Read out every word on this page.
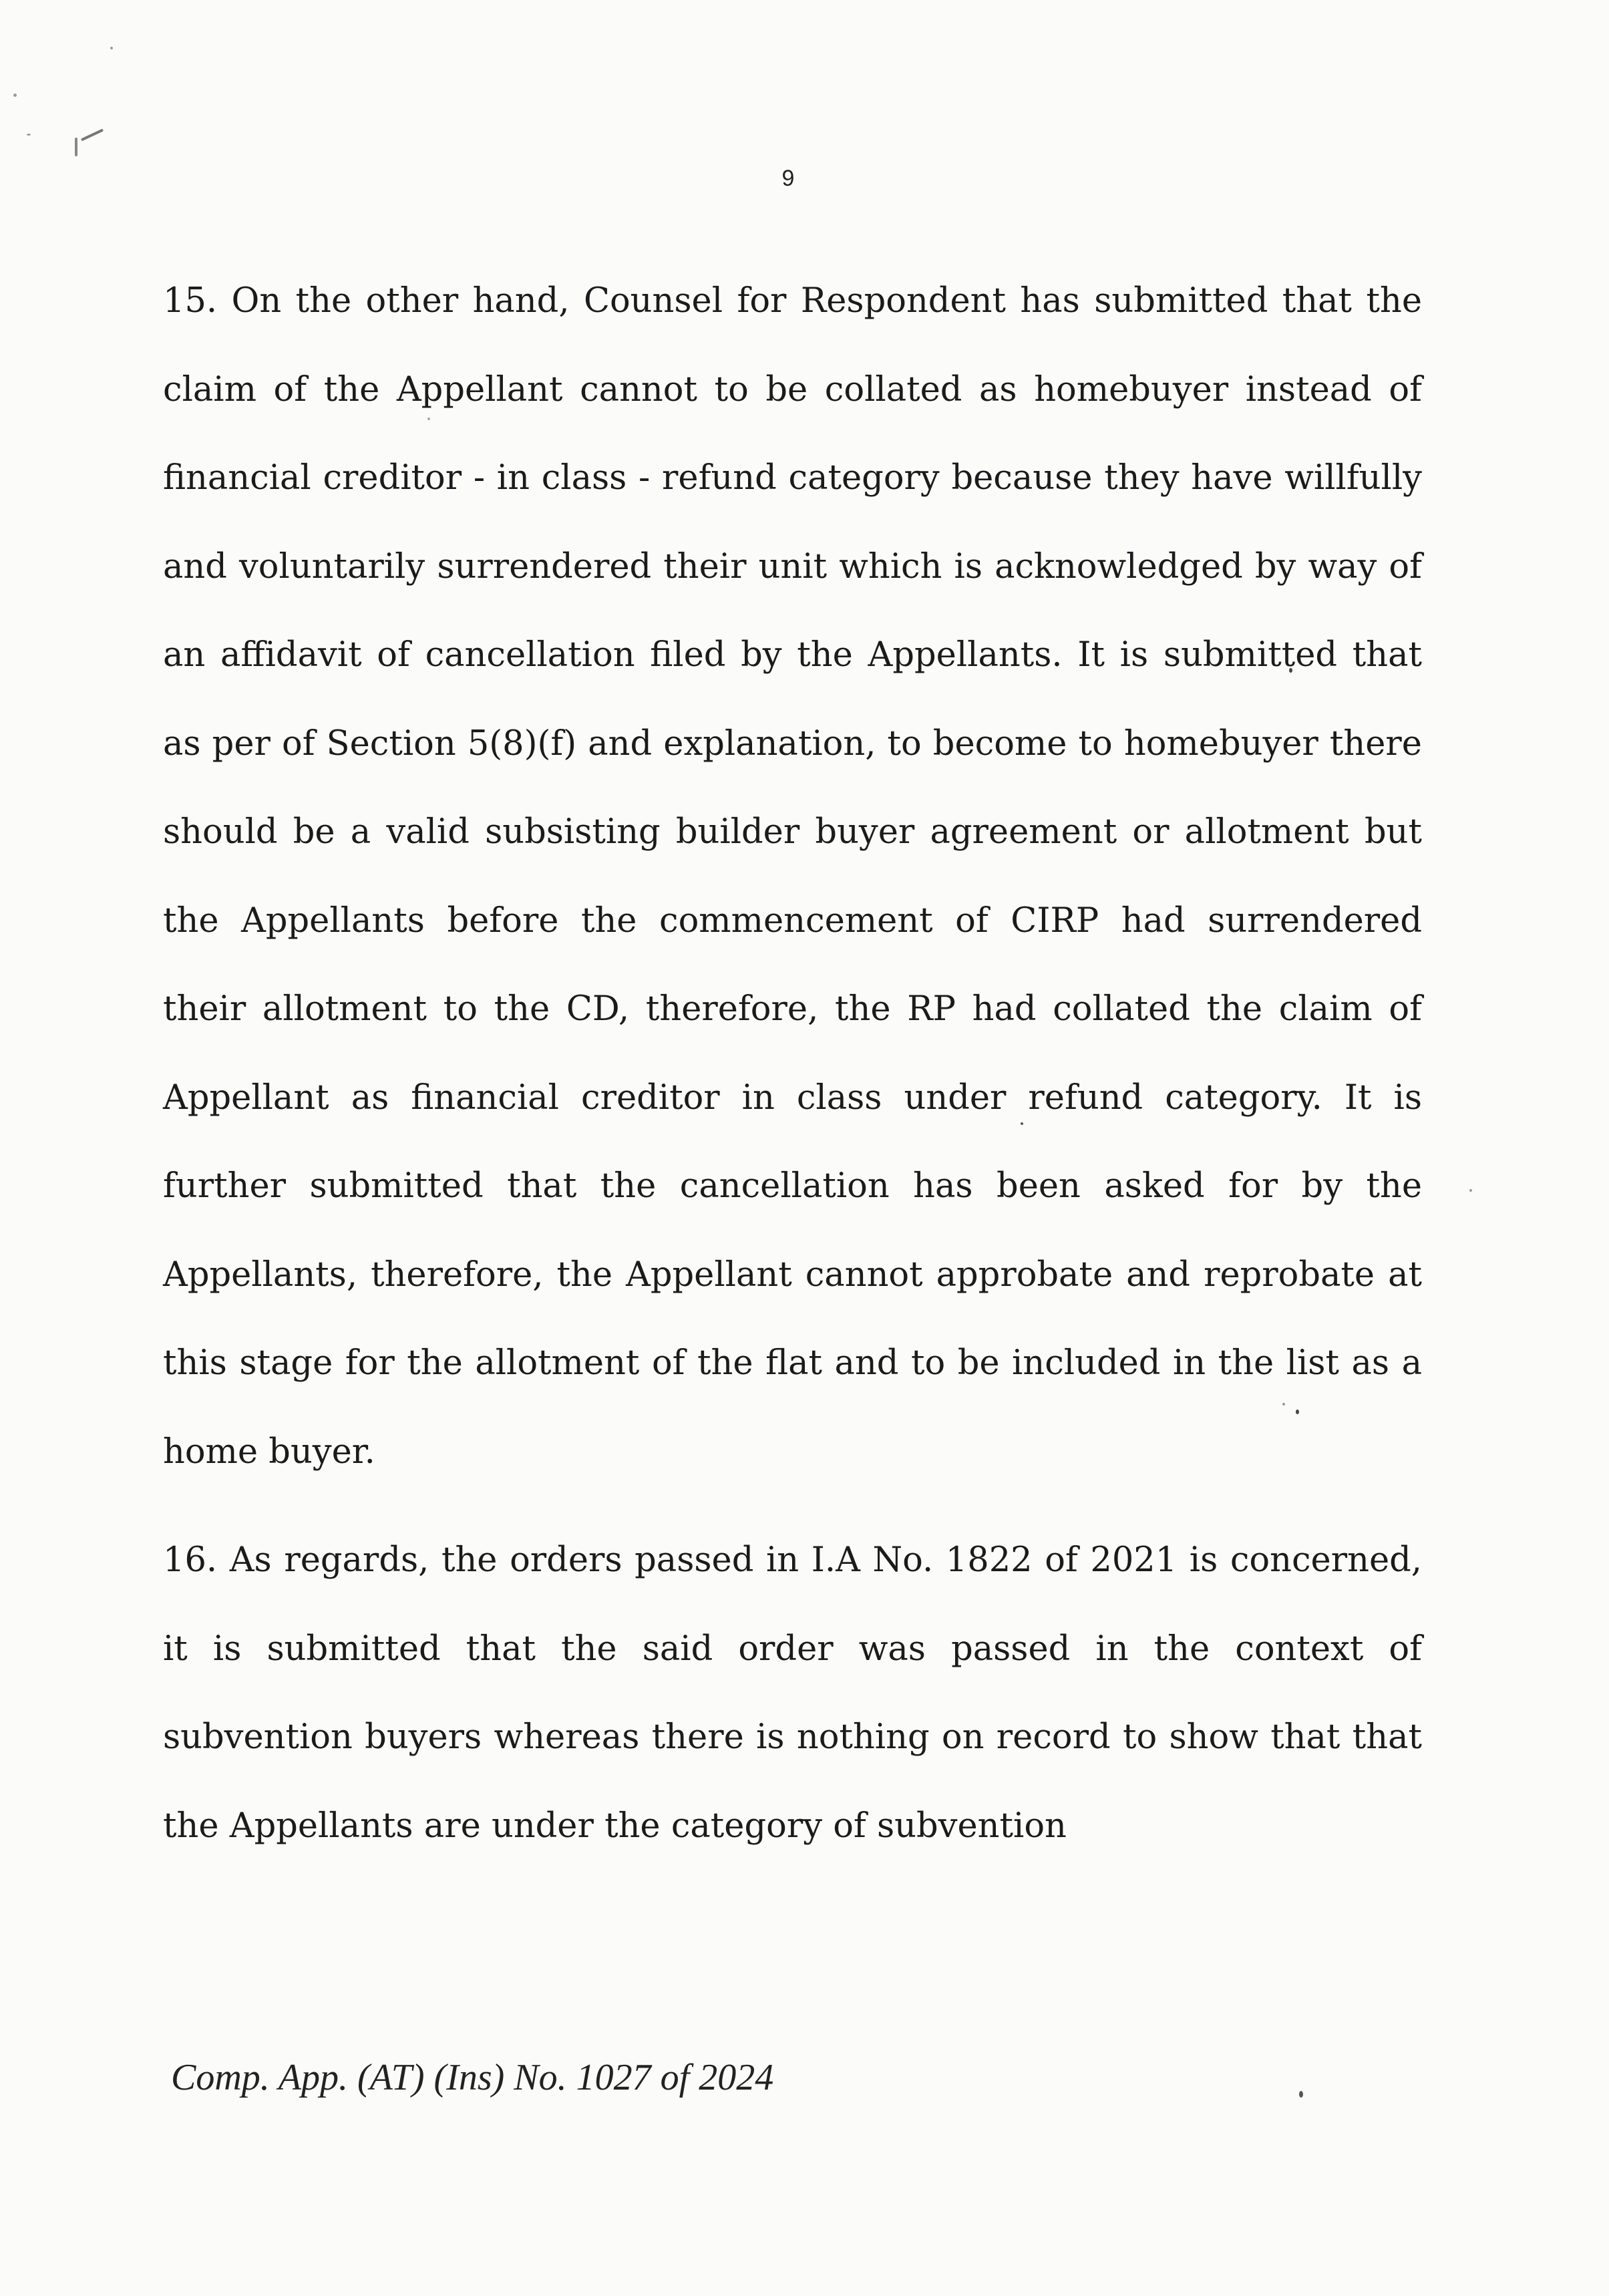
9

15. On the other hand, Counsel for Respondent has submitted that the claim of the Appellant cannot to be collated as homebuyer instead of financial creditor - in class - refund category because they have willfully and voluntarily surrendered their unit which is acknowledged by way of an affidavit of cancellation filed by the Appellants. It is submitted that as per of Section 5(8)(f) and explanation, to become to homebuyer there should be a valid subsisting builder buyer agreement or allotment but the Appellants before the commencement of CIRP had surrendered their allotment to the CD, therefore, the RP had collated the claim of Appellant as financial creditor in class under refund category. It is further submitted that the cancellation has been asked for by the Appellants, therefore, the Appellant cannot approbate and reprobate at this stage for the allotment of the flat and to be included in the list as a home buyer.

16. As regards, the orders passed in I.A No. 1822 of 2021 is concerned, it is submitted that the said order was passed in the context of subvention buyers whereas there is nothing on record to show that that the Appellants are under the category of subvention

Comp. App. (AT) (Ins) No. 1027 of 2024
